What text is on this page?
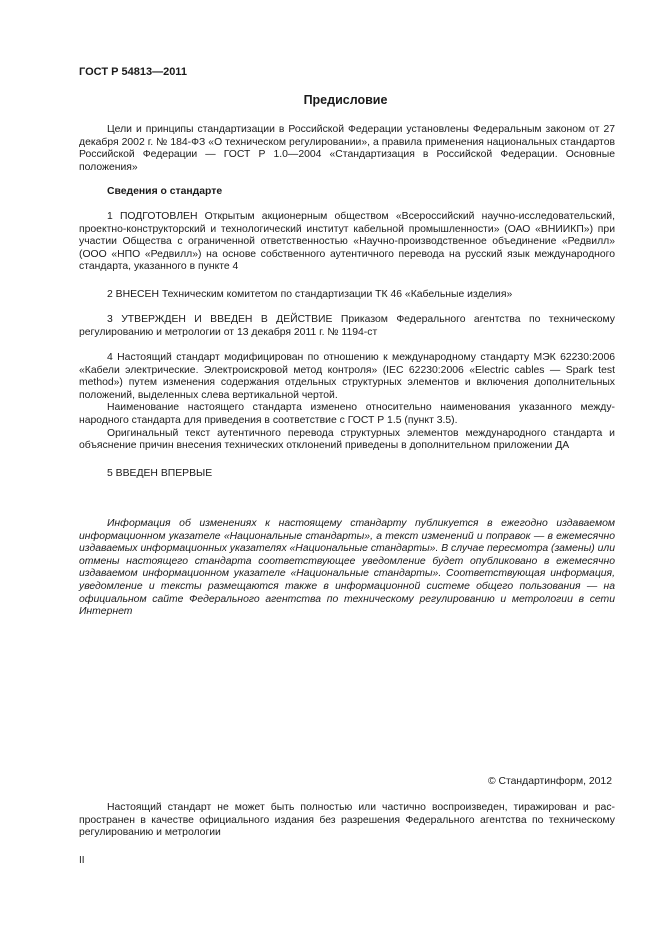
ГОСТ Р 54813—2011
Предисловие

Цели и принципы стандартизации в Российской Федерации установлены Федеральным законом от 27 декабря 2002 г. № 184-ФЗ «О техническом регулировании», а правила применения национальных стандартов Российской Федерации — ГОСТ Р 1.0—2004 «Стандартизация в Российской Федерации. Основные положения»

Сведения о стандарте

1 ПОДГОТОВЛЕН Открытым акционерным обществом «Всероссийский научно-исследовательский, проектно-конструкторский и технологический институт кабельной промышленности» (ОАО «ВНИИКП») при участии Общества с ограниченной ответственностью «Научно-производственное объединение «Редвилл» (ООО «НПО «Редвилл») на основе собственного аутентичного перевода на русский язык международного стандарта, указанного в пункте 4

2 ВНЕСЕН Техническим комитетом по стандартизации ТК 46 «Кабельные изделия»

3 УТВЕРЖДЕН И ВВЕДЕН В ДЕЙСТВИЕ Приказом Федерального агентства по техническому регулированию и метрологии от 13 декабря 2011 г. № 1194-ст

4 Настоящий стандарт модифицирован по отношению к международному стандарту МЭК 62230:2006 «Кабели электрические. Электроискровой метод контроля» (IEC 62230:2006 «Electric cables — Spark test method») путем изменения содержания отдельных структурных элементов и включения дополнительных положений, выделенных слева вертикальной чертой.

Наименование настоящего стандарта изменено относительно наименования указанного международного стандарта для приведения в соответствие с ГОСТ Р 1.5 (пункт 3.5).

Оригинальный текст аутентичного перевода структурных элементов международного стандарта и объяснение причин внесения технических отклонений приведены в дополнительном приложении ДА

5 ВВЕДЕН ВПЕРВЫЕ

Информация об изменениях к настоящему стандарту публикуется в ежегодно издаваемом информационном указателе «Национальные стандарты», а текст изменений и поправок — в ежемесячно издаваемых информационных указателях «Национальные стандарты». В случае пересмотра (замены) или отмены настоящего стандарта соответствующее уведомление будет опубликовано в ежемесячно издаваемом информационном указателе «Национальные стандарты». Соответствующая информация, уведомление и тексты размещаются также в информационной системе общего пользования — на официальном сайте Федерального агентства по техническому регулированию и метрологии в сети Интернет

© Стандартинформ, 2012

Настоящий стандарт не может быть полностью или частично воспроизведен, тиражирован и распространен в качестве официального издания без разрешения Федерального агентства по техническому регулированию и метрологии

II
